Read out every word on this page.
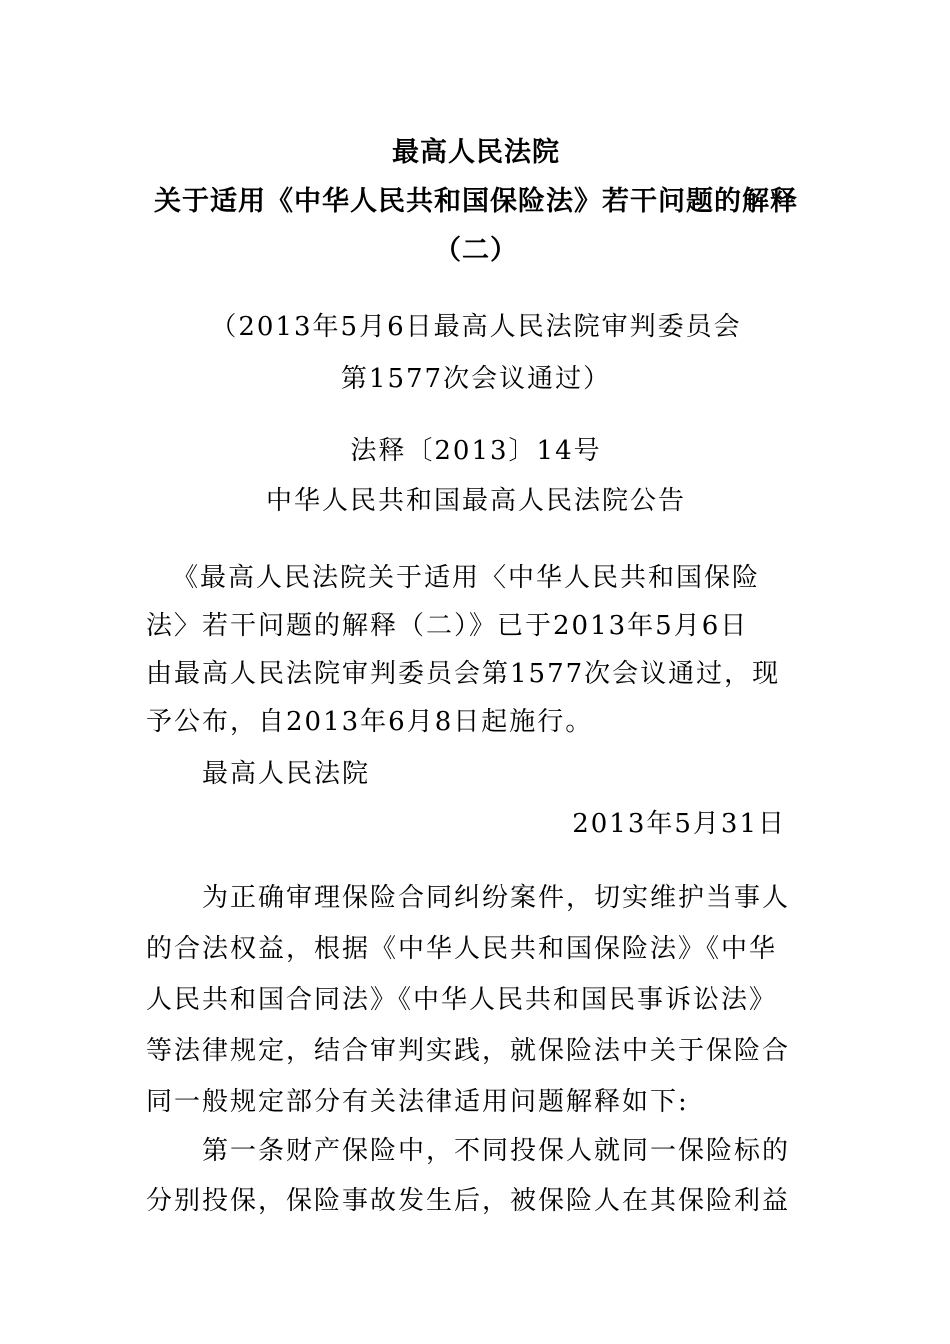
最高人民法院
关于适用《中华人民共和国保险法》若干问题的解释
（二）
（2013年5月6日最高人民法院审判委员会
第1577次会议通过）
法释〔2013〕14号
中华人民共和国最高人民法院公告
《最高人民法院关于适用〈中华人民共和国保险
法〉若干问题的解释（二）》已于2013年5月6日
由最高人民法院审判委员会第1577次会议通过，现
予公布，自2013年6月8日起施行。
最高人民法院
2013年5月31日
为正确审理保险合同纠纷案件，切实维护当事人
的合法权益，根据《中华人民共和国保险法》《中华
人民共和国合同法》《中华人民共和国民事诉讼法》
等法律规定，结合审判实践，就保险法中关于保险合
同一般规定部分有关法律适用问题解释如下:
第一条财产保险中，不同投保人就同一保险标的
分别投保，保险事故发生后，被保险人在其保险利益
